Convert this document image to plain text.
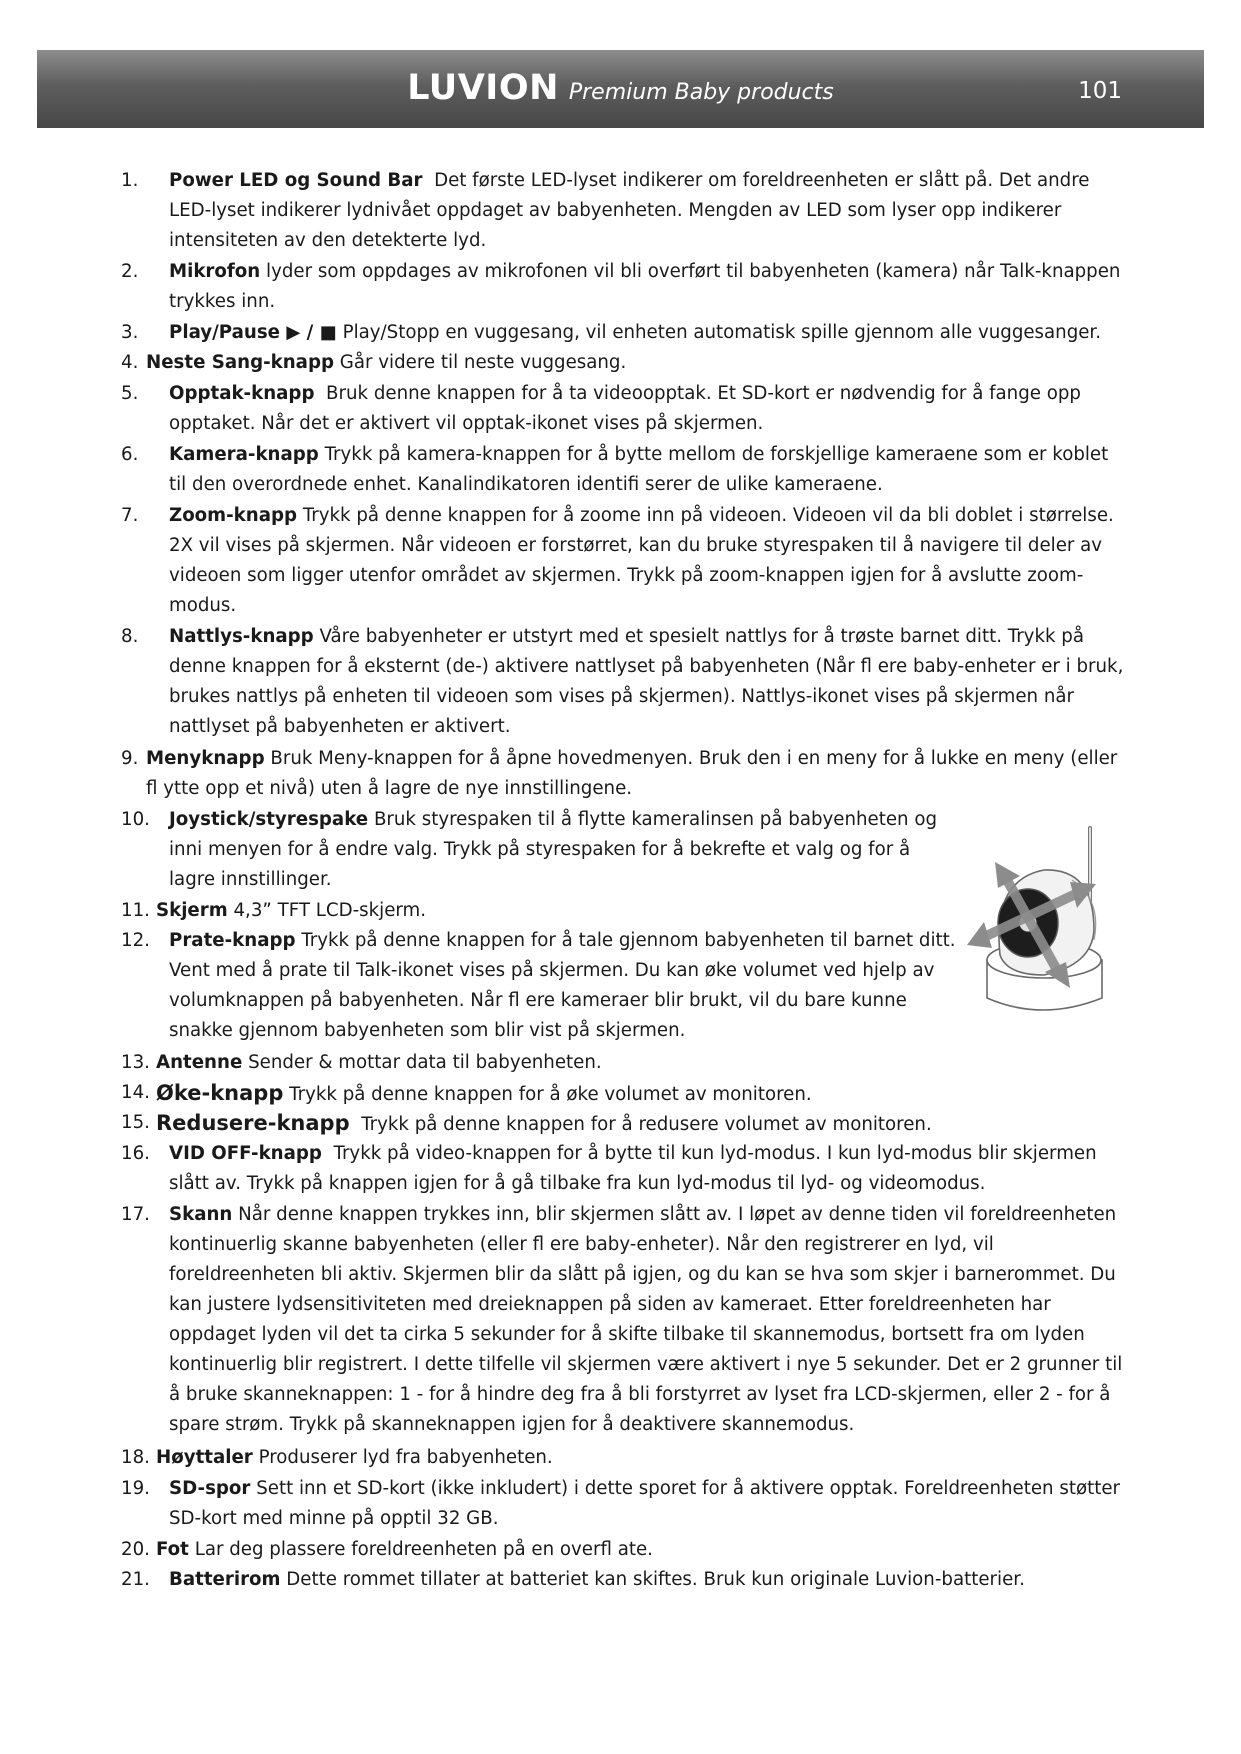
LUVION Premium Baby products	101
1.	Power LED og Sound Bar Det første LED-lyset indikerer om foreldreenheten er slått på. Det andre LED-lyset indikerer lydnivået oppdaget av babyenheten. Mengden av LED som lyser opp indikerer intensiteten av den detekterte lyd.
2.	Mikrofon lyder som oppdages av mikrofonen vil bli overført til babyenheten (kamera) når Talk-knappen trykkes inn.
3.	Play/Pause ▶ / ■ Play/Stopp en vuggesang, vil enheten automatisk spille gjennom alle vuggesanger.
4. Neste Sang-knapp Går videre til neste vuggesang.
5.	Opptak-knapp Bruk denne knappen for å ta videoopptak. Et SD-kort er nødvendig for å fange opp opptaket. Når det er aktivert vil opptak-ikonet vises på skjermen.
6.	Kamera-knapp Trykk på kamera-knappen for å bytte mellom de forskjellige kameraene som er koblet til den overordnede enhet. Kanalindikatoren identifi serer de ulike kameraene.
7.	Zoom-knapp Trykk på denne knappen for å zoome inn på videoen. Videoen vil da bli doblet i størrelse. 2X vil vises på skjermen. Når videoen er forstørret, kan du bruke styrespaken til å navigere til deler av videoen som ligger utenfor området av skjermen. Trykk på zoom-knappen igjen for å avslutte zoom-modus.
8.	Nattlys-knapp Våre babyenheter er utstyrt med et spesielt nattlys for å trøste barnet ditt. Trykk på denne knappen for å eksternt (de-) aktivere nattlyset på babyenheten (Når fl ere baby-enheter er i bruk, brukes nattlys på enheten til videoen som vises på skjermen). Nattlys-ikonet vises på skjermen når nattlyset på babyenheten er aktivert.
9. Menyknapp Bruk Meny-knappen for å åpne hovedmenyen. Bruk den i en meny for å lukke en meny (eller fl ytte opp et nivå) uten å lagre de nye innstillingene.
10.	Joystick/styrespake Bruk styrespaken til å flytte kameralinsen på babyenheten og inni menyen for å endre valg. Trykk på styrespaken for å bekrefte et valg og for å lagre innstillinger.
11. Skjerm 4,3” TFT LCD-skjerm.
12.	Prate-knapp Trykk på denne knappen for å tale gjennom babyenheten til barnet ditt. Vent med å prate til Talk-ikonet vises på skjermen. Du kan øke volumet ved hjelp av volumknappen på babyenheten. Når fl ere kameraer blir brukt, vil du bare kunne snakke gjennom babyenheten som blir vist på skjermen.
13. Antenne Sender & mottar data til babyenheten.
14. Øke-knapp Trykk på denne knappen for å øke volumet av monitoren.
15. Redusere-knapp Trykk på denne knappen for å redusere volumet av monitoren.
16.	VID OFF-knapp Trykk på video-knappen for å bytte til kun lyd-modus. I kun lyd-modus blir skjermen slått av. Trykk på knappen igjen for å gå tilbake fra kun lyd-modus til lyd- og videomodus.
17.	Skann Når denne knappen trykkes inn, blir skjermen slått av. I løpet av denne tiden vil foreldreenheten kontinuerlig skanne babyenheten (eller fl ere baby-enheter). Når den registrerer en lyd, vil foreldreenheten bli aktiv. Skjermen blir da slått på igjen, og du kan se hva som skjer i barnerommet. Du kan justere lydsensitiviteten med dreieknappen på siden av kameraet. Etter foreldreenheten har oppdaget lyden vil det ta cirka 5 sekunder for å skifte tilbake til skannemodus, bortsett fra om lyden kontinuerlig blir registrert. I dette tilfelle vil skjermen være aktivert i nye 5 sekunder. Det er 2 grunner til å bruke skanneknappen: 1 - for å hindre deg fra å bli forstyrret av lyset fra LCD-skjermen, eller 2 - for å spare strøm. Trykk på skanneknappen igjen for å deaktivere skannemodus.
18. Høyttaler Produserer lyd fra babyenheten.
19.	SD-spor Sett inn et SD-kort (ikke inkludert) i dette sporet for å aktivere opptak. Foreldreenheten støtter SD-kort med minne på opptil 32 GB.
20. Fot Lar deg plassere foreldreenheten på en overfl ate.
21.	Batterirom Dette rommet tillater at batteriet kan skiftes. Bruk kun originale Luvion-batterier.
